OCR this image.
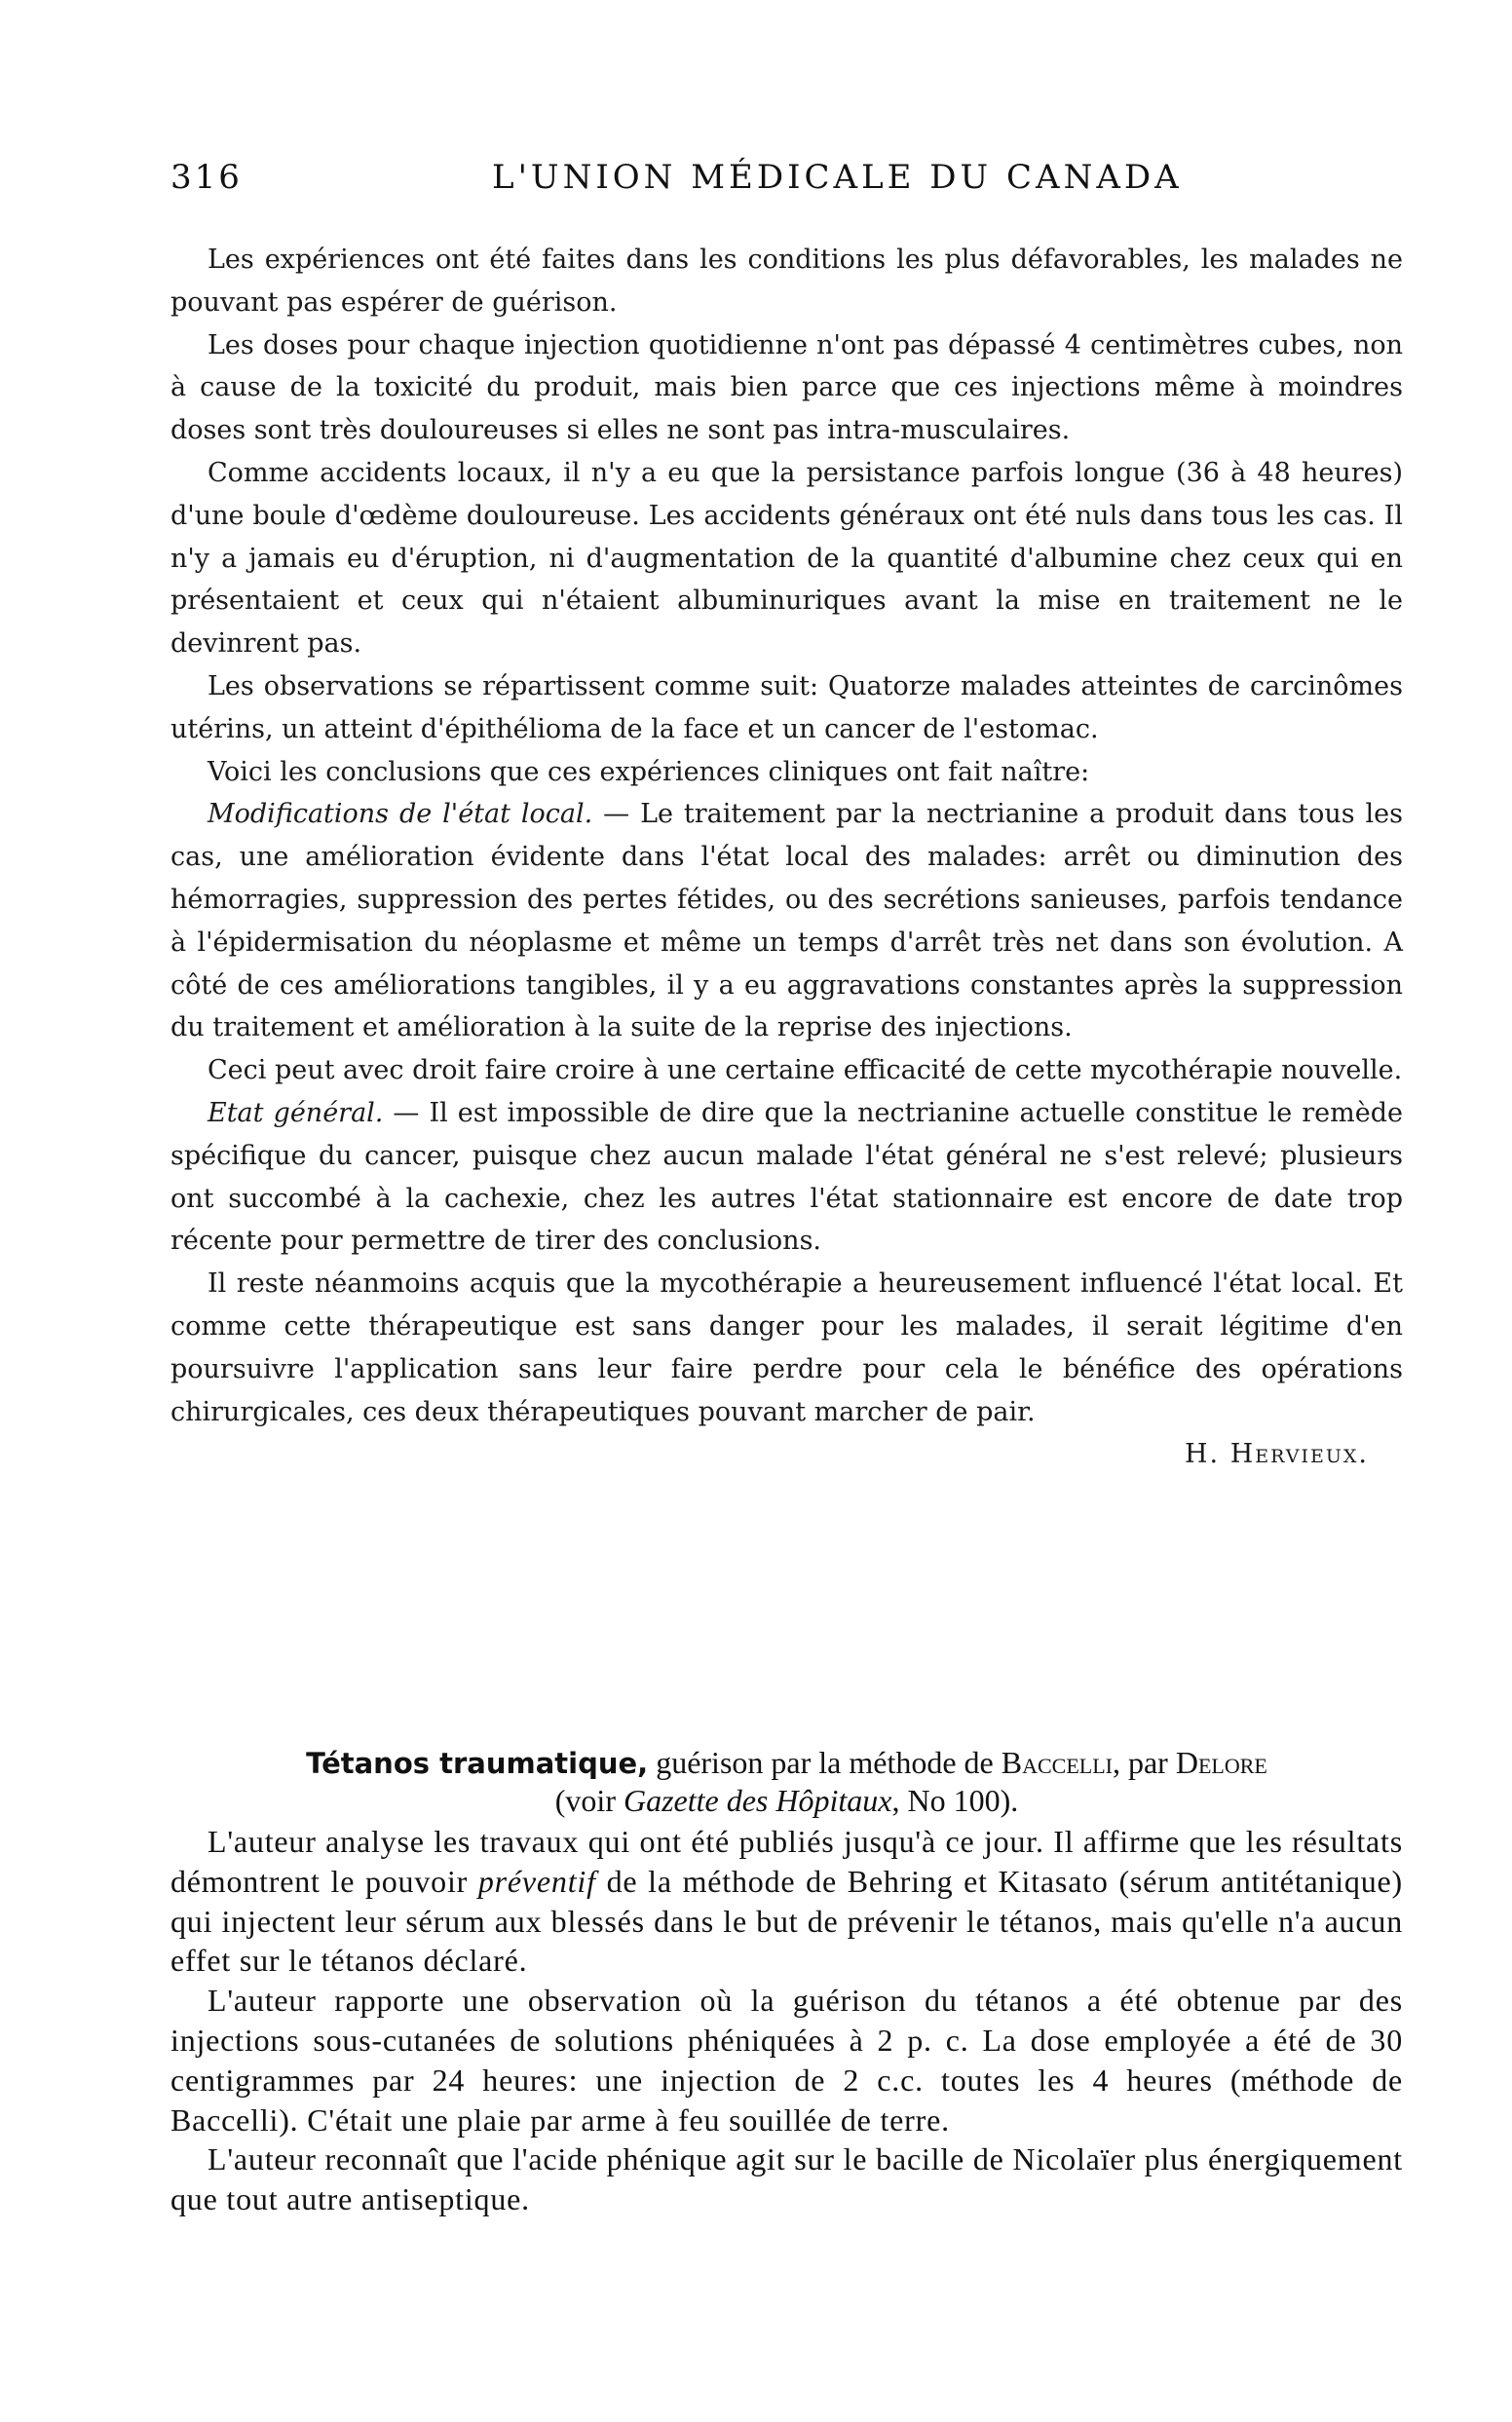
316	L'UNION MÉDICALE DU CANADA

Les expériences ont été faites dans les conditions les plus défavorables, les malades ne pouvant pas espérer de guérison.

Les doses pour chaque injection quotidienne n'ont pas dépassé 4 centimètres cubes, non à cause de la toxicité du produit, mais bien parce que ces injections même à moindres doses sont très douloureuses si elles ne sont pas intra-musculaires.

Comme accidents locaux, il n'y a eu que la persistance parfois longue (36 à 48 heures) d'une boule d'œdème douloureuse. Les accidents généraux ont été nuls dans tous les cas. Il n'y a jamais eu d'éruption, ni d'augmentation de la quantité d'albumine chez ceux qui en présentaient et ceux qui n'étaient albuminuriques avant la mise en traitement ne le devinrent pas.

Les observations se répartissent comme suit: Quatorze malades atteintes de carcinômes utérins, un atteint d'épithélioma de la face et un cancer de l'estomac.

Voici les conclusions que ces expériences cliniques ont fait naître:

Modifications de l'état local. — Le traitement par la nectrianine a produit dans tous les cas, une amélioration évidente dans l'état local des malades: arrêt ou diminution des hémorragies, suppression des pertes fétides, ou des secrétions sanieuses, parfois tendance à l'épidermisation du néoplasme et même un temps d'arrêt très net dans son évolution. A côté de ces améliorations tangibles, il y a eu aggravations constantes après la suppression du traitement et amélioration à la suite de la reprise des injections.

Ceci peut avec droit faire croire à une certaine efficacité de cette mycothérapie nouvelle.

Etat général. — Il est impossible de dire que la nectrianine actuelle constitue le remède spécifique du cancer, puisque chez aucun malade l'état général ne s'est relevé; plusieurs ont succombé à la cachexie, chez les autres l'état stationnaire est encore de date trop récente pour permettre de tirer des conclusions.

Il reste néanmoins acquis que la mycothérapie a heureusement influencé l'état local. Et comme cette thérapeutique est sans danger pour les malades, il serait légitime d'en poursuivre l'application sans leur faire perdre pour cela le bénéfice des opérations chirurgicales, ces deux thérapeutiques pouvant marcher de pair.

H. Hervieux.

Tétanos traumatique, guérison par la méthode de Baccelli, par Delore
(voir Gazette des Hôpitaux, No 100).

L'auteur analyse les travaux qui ont été publiés jusqu'à ce jour. Il affirme que les résultats démontrent le pouvoir préventif de la méthode de Behring et Kitasato (sérum antitétanique) qui injectent leur sérum aux blessés dans le but de prévenir le tétanos, mais qu'elle n'a aucun effet sur le tétanos déclaré.

L'auteur rapporte une observation où la guérison du tétanos a été obtenue par des injections sous-cutanées de solutions phéniquées à 2 p. c. La dose employée a été de 30 centigrammes par 24 heures: une injection de 2 c.c. toutes les 4 heures (méthode de Baccelli). C'était une plaie par arme à feu souillée de terre.

L'auteur reconnaît que l'acide phénique agit sur le bacille de Nicolaïer plus énergiquement que tout autre antiseptique.
